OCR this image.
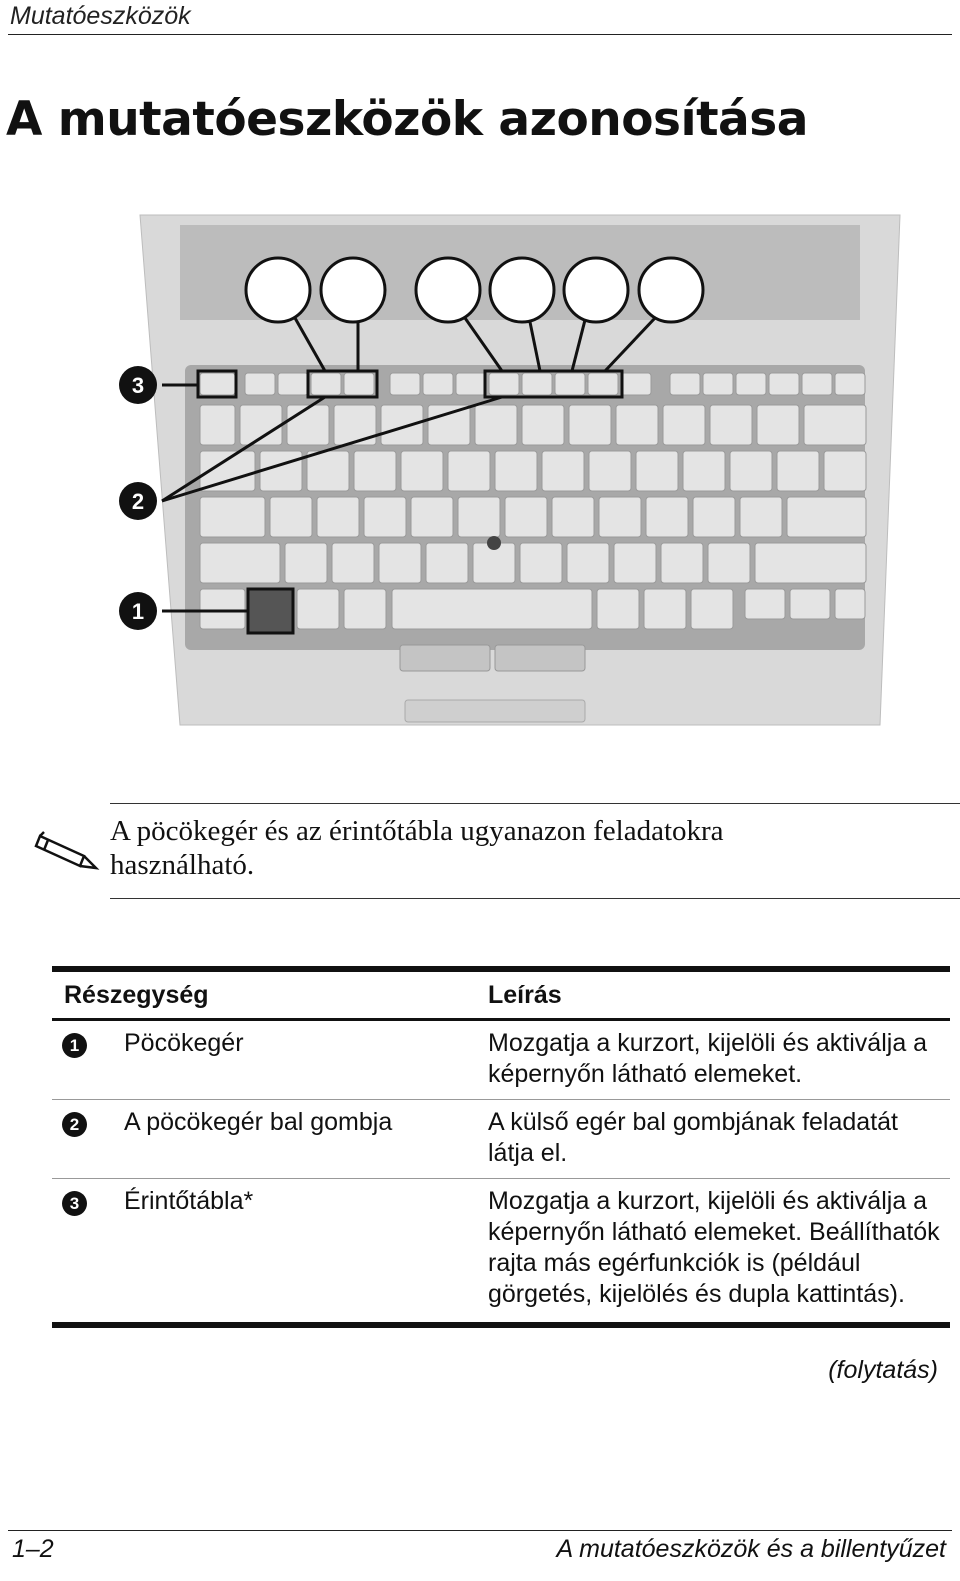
Mutatóeszközök
A mutatóeszközök azonosítása
3
2
1
A pöcökegér és az érintőtábla ugyanazon feladatokra használható.
Részegység	Leírás
1	Pöcökegér	Mozgatja a kurzort, kijelöli és aktiválja a képernyőn látható elemeket.
2	A pöcökegér bal gombja	A külső egér bal gombjának feladatát látja el.
3	Érintőtábla*	Mozgatja a kurzort, kijelöli és aktiválja a képernyőn látható elemeket. Beállíthatók rajta más egérfunkciók is (például görgetés, kijelölés és dupla kattintás).
(folytatás)
1–2	A mutatóeszközök és a billentyűzet
